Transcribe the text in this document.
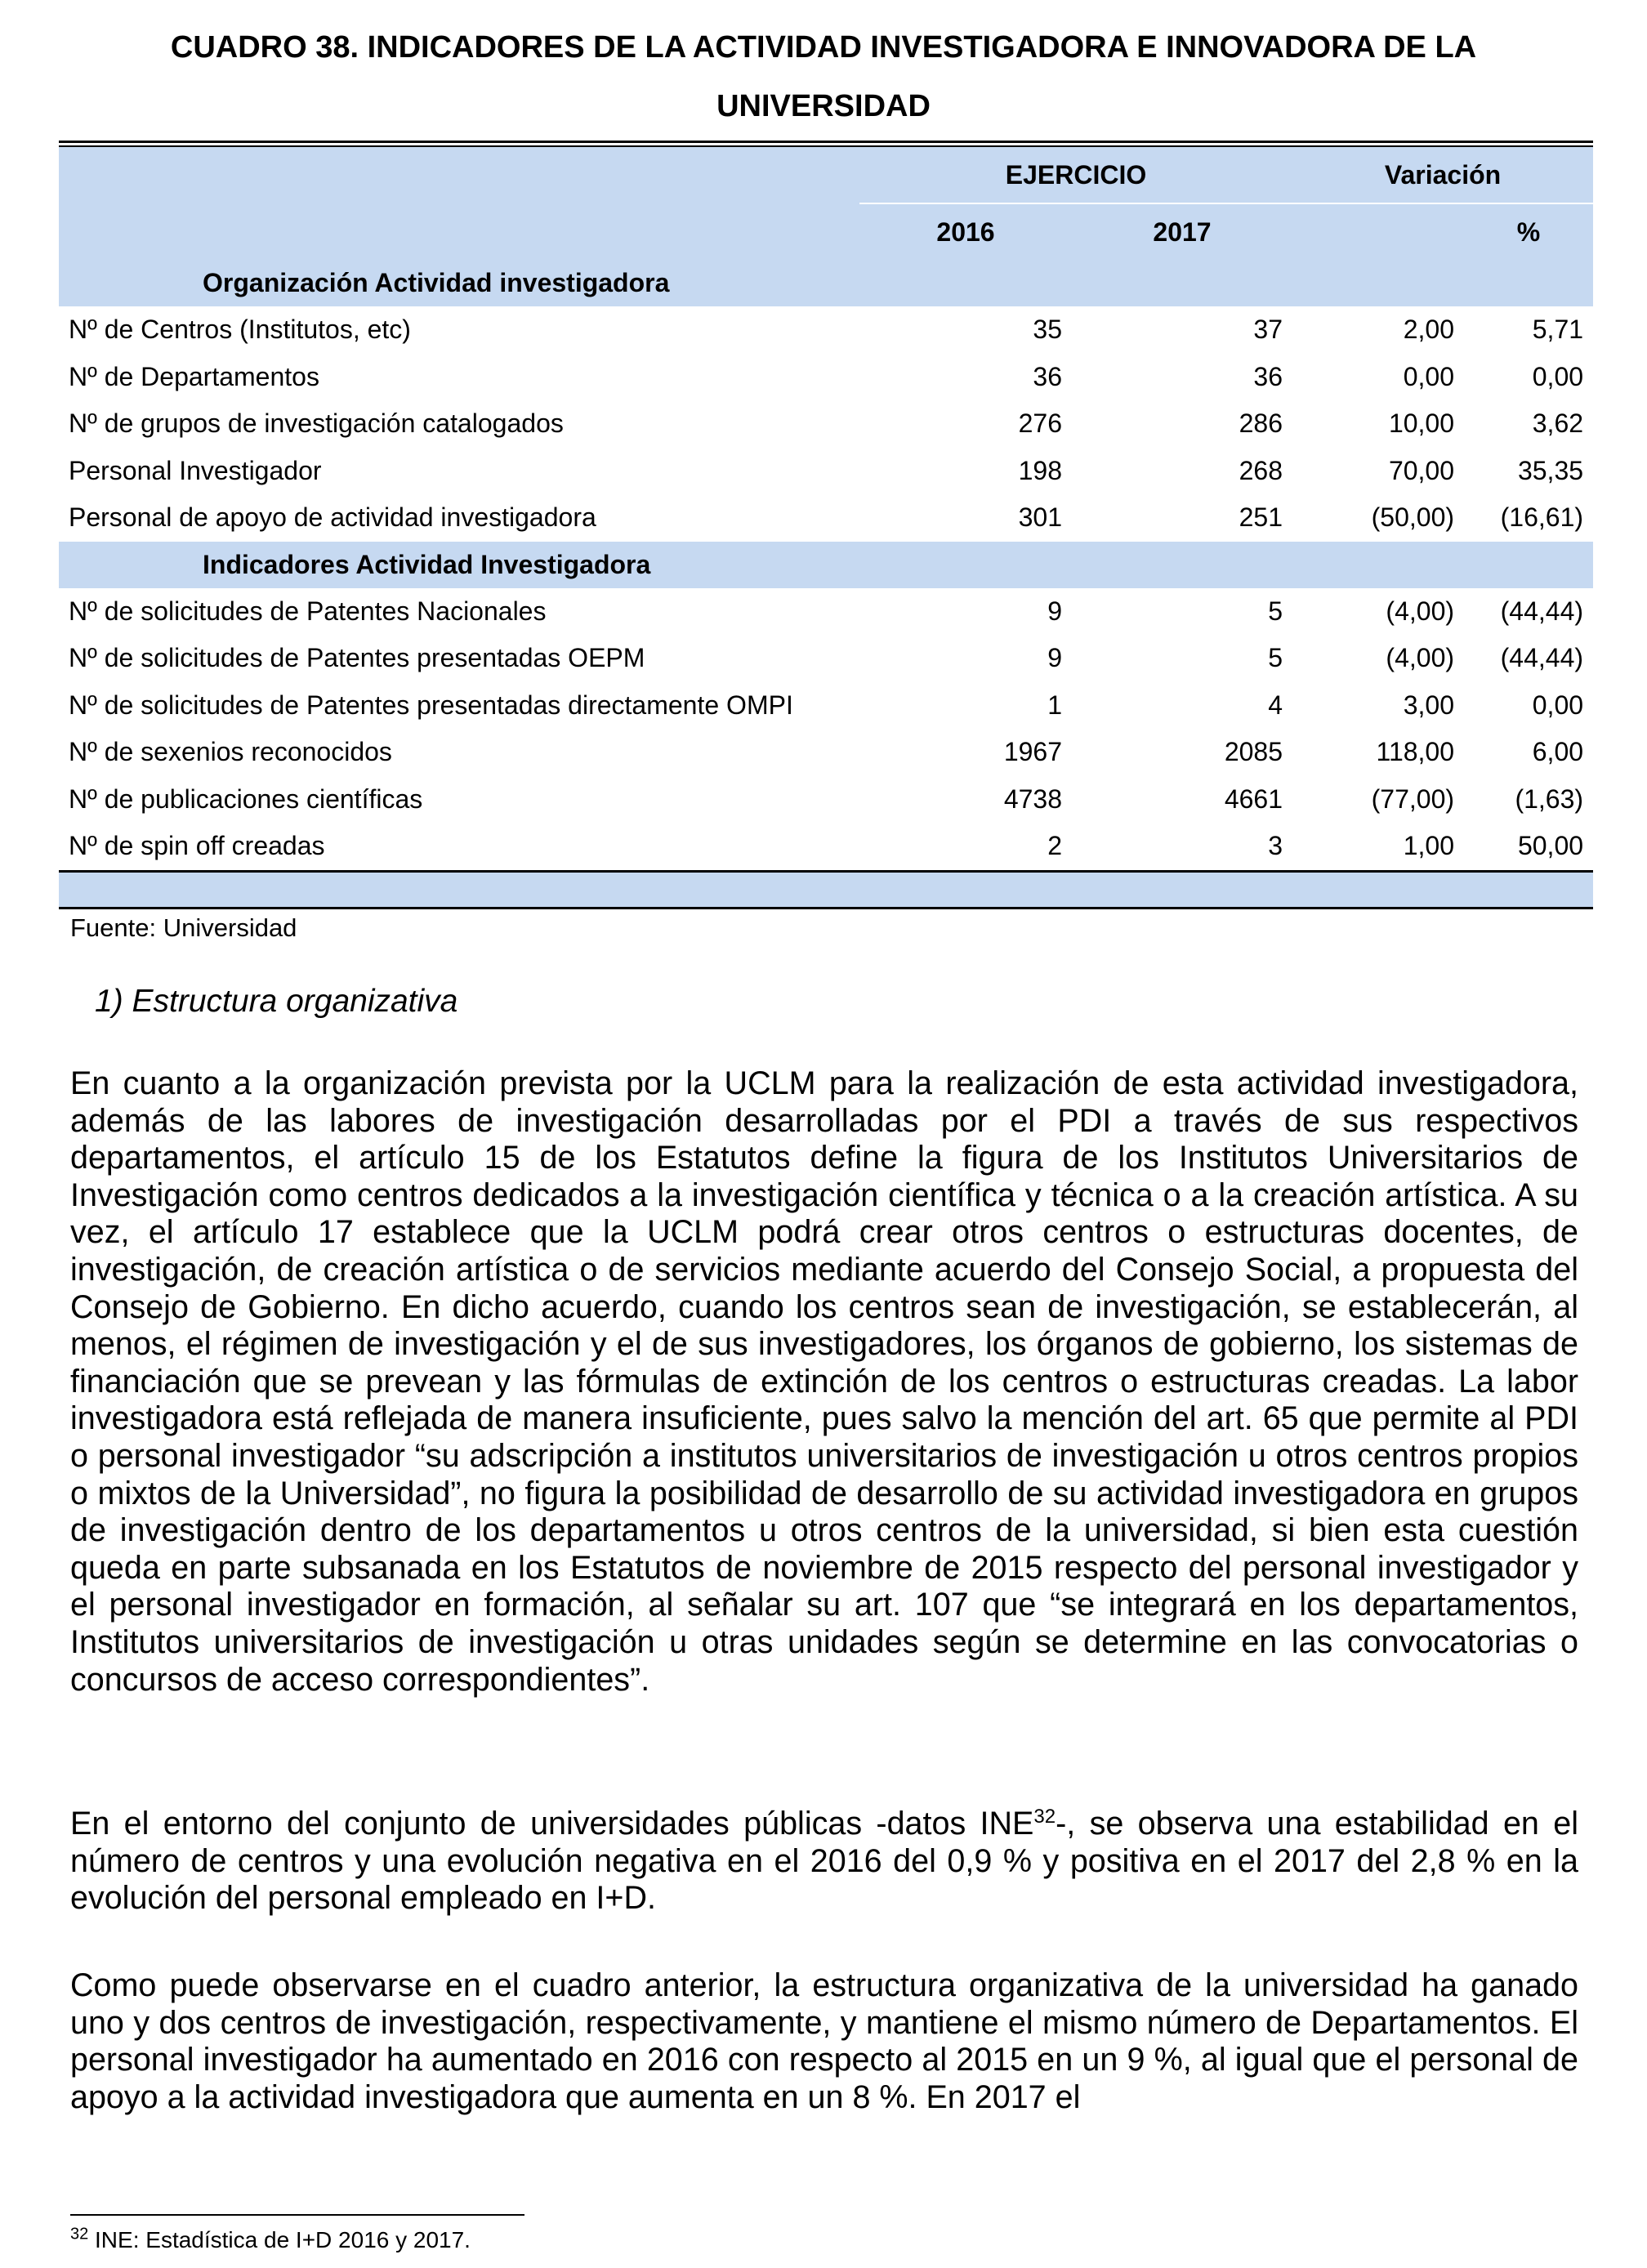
CUADRO 38. INDICADORES DE LA ACTIVIDAD INVESTIGADORA E INNOVADORA DE LA
UNIVERSIDAD
	EJERCICIO		Variación	
	2016	2017		%
Organización Actividad investigadora				
Nº de Centros (Institutos, etc)	35	37	2,00	5,71
Nº de Departamentos	36	36	0,00	0,00
Nº de grupos de investigación catalogados	276	286	10,00	3,62
Personal Investigador	198	268	70,00	35,35
Personal de apoyo de actividad investigadora	301	251	(50,00)	(16,61)
Indicadores Actividad Investigadora				
Nº de solicitudes de Patentes Nacionales	9	5	(4,00)	(44,44)
Nº de solicitudes de Patentes presentadas OEPM	9	5	(4,00)	(44,44)
Nº de solicitudes de Patentes presentadas directamente OMPI	1	4	3,00	0,00
Nº de sexenios reconocidos	1967	2085	118,00	6,00
Nº de publicaciones científicas	4738	4661	(77,00)	(1,63)
Nº de spin off creadas	2	3	1,00	50,00

Fuente: Universidad
1) Estructura organizativa

En cuanto a la organización prevista por la UCLM para la realización de esta actividad investigadora, además de las labores de investigación desarrolladas por el PDI a través de sus respectivos departamentos, el artículo 15 de los Estatutos define la figura de los Institutos Universitarios de Investigación como centros dedicados a la investigación científica y técnica o a la creación artística. A su vez, el artículo 17 establece que la UCLM podrá crear otros centros o estructuras docentes, de investigación, de creación artística o de servicios mediante acuerdo del Consejo Social, a propuesta del Consejo de Gobierno. En dicho acuerdo, cuando los centros sean de investigación, se establecerán, al menos, el régimen de investigación y el de sus investigadores, los órganos de gobierno, los sistemas de financiación que se prevean y las fórmulas de extinción de los centros o estructuras creadas. La labor investigadora está reflejada de manera insuficiente, pues salvo la mención del art. 65 que permite al PDI o personal investigador “su adscripción a institutos universitarios de investigación u otros centros propios o mixtos de la Universidad”, no figura la posibilidad de desarrollo de su actividad investigadora en grupos de investigación dentro de los departamentos u otros centros de la universidad, si bien esta cuestión queda en parte subsanada en los Estatutos de noviembre de 2015 respecto del personal investigador y el personal investigador en formación, al señalar su art. 107 que “se integrará en los departamentos, Institutos universitarios de investigación u otras unidades según se determine en las convocatorias o concursos de acceso correspondientes”.

En el entorno del conjunto de universidades públicas -datos INE$^{32}$-, se observa una estabilidad en el número de centros y una evolución negativa en el 2016 del 0,9 % y positiva en el 2017 del 2,8 % en la evolución del personal empleado en I+D.

Como puede observarse en el cuadro anterior, la estructura organizativa de la universidad ha ganado uno y dos centros de investigación, respectivamente, y mantiene el mismo número de Departamentos. El personal investigador ha aumentado en 2016 con respecto al 2015 en un 9 %, al igual que el personal de apoyo a la actividad investigadora que aumenta en un 8 %. En 2017 el

$^{32}$ INE: Estadística de I+D 2016 y 2017.
